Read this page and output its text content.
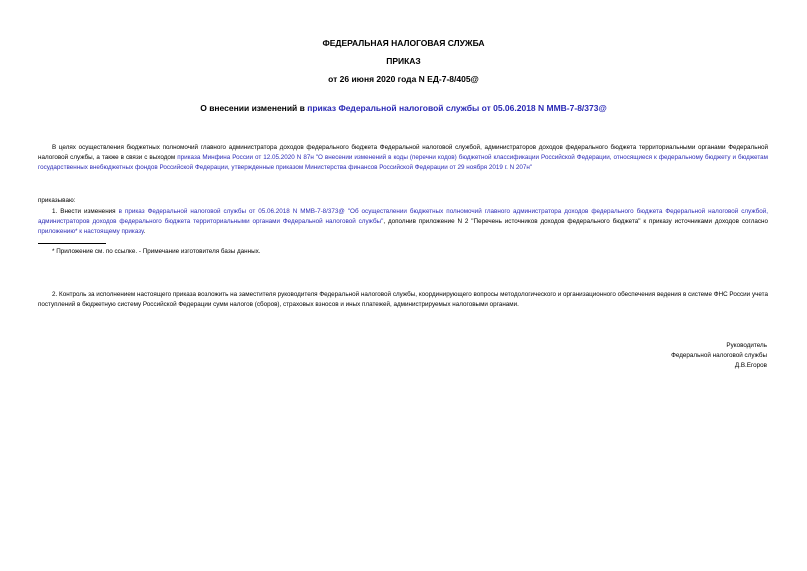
ФЕДЕРАЛЬНАЯ НАЛОГОВАЯ СЛУЖБА
ПРИКАЗ
от 26 июня 2020 года N ЕД-7-8/405@
О внесении изменений в приказ Федеральной налоговой службы от 05.06.2018 N ММВ-7-8/373@
В целях осуществления бюджетных полномочий главного администратора доходов федерального бюджета Федеральной налоговой службой, администраторов доходов федерального бюджета территориальными органами Федеральной налоговой службы, а также в связи с выходом приказа Минфина России от 12.05.2020 N 87н "О внесении изменений в коды (перечни кодов) бюджетной классификации Российской Федерации, относящиеся к федеральному бюджету и бюджетам государственных внебюджетных фондов Российской Федерации, утвержденные приказом Министерства финансов Российской Федерации от 29 ноября 2019 г. N 207н"
приказываю:
1. Внести изменения в приказ Федеральной налоговой службы от 05.06.2018 N ММВ-7-8/373@ "Об осуществлении бюджетных полномочий главного администратора доходов федерального бюджета Федеральной налоговой службой, администраторов доходов федерального бюджета территориальными органами Федеральной налоговой службы", дополнив приложение N 2 "Перечень источников доходов федерального бюджета" к приказу источниками доходов согласно приложению* к настоящему приказу.
* Приложение см. по ссылке. - Примечание изготовителя базы данных.
2. Контроль за исполнением настоящего приказа возложить на заместителя руководителя Федеральной налоговой службы, координирующего вопросы методологического и организационного обеспечения ведения в системе ФНС России учета поступлений в бюджетную систему Российской Федерации сумм налогов (сборов), страховых взносов и иных платежей, администрируемых налоговыми органами.
Руководитель
Федеральной налоговой службы
Д.В.Егоров
